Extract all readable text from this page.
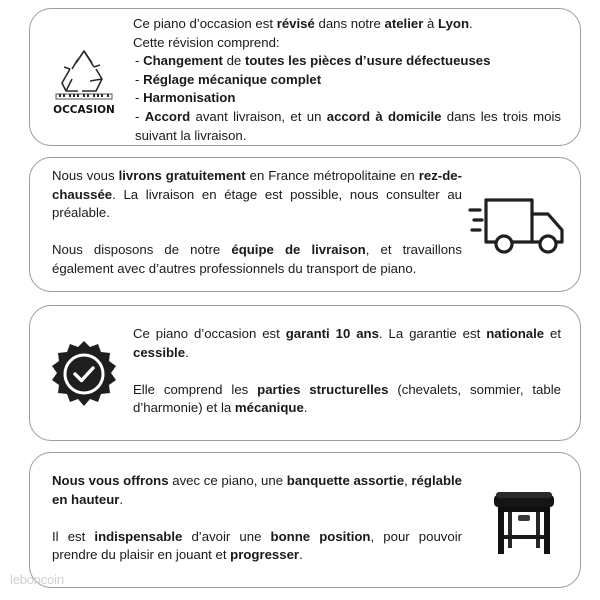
OCCASION

Ce piano d’occasion est révisé dans notre atelier à Lyon.

Cette révision comprend:

- Changement de toutes les pièces d’usure défectueuses

- Réglage mécanique complet

- Harmonisation

- Accord avant livraison, et un accord à domicile dans les trois mois suivant la livraison.

Nous vous livrons gratuitement en France métropolitaine en rez-de-chaussée. La livraison en étage est possible, nous consulter au préalable.

Nous disposons de notre équipe de livraison, et travaillons également avec d’autres professionnels du transport de piano.

Ce piano d’occasion est garanti 10 ans. La garantie est nationale et cessible.

Elle comprend les parties structurelles (chevalets, sommier, table d’harmonie) et la mécanique.

Nous vous offrons avec ce piano, une banquette assortie, réglable en hauteur.

Il est indispensable d’avoir une bonne position, pour pouvoir prendre du plaisir en jouant et progresser.

leboncoin
